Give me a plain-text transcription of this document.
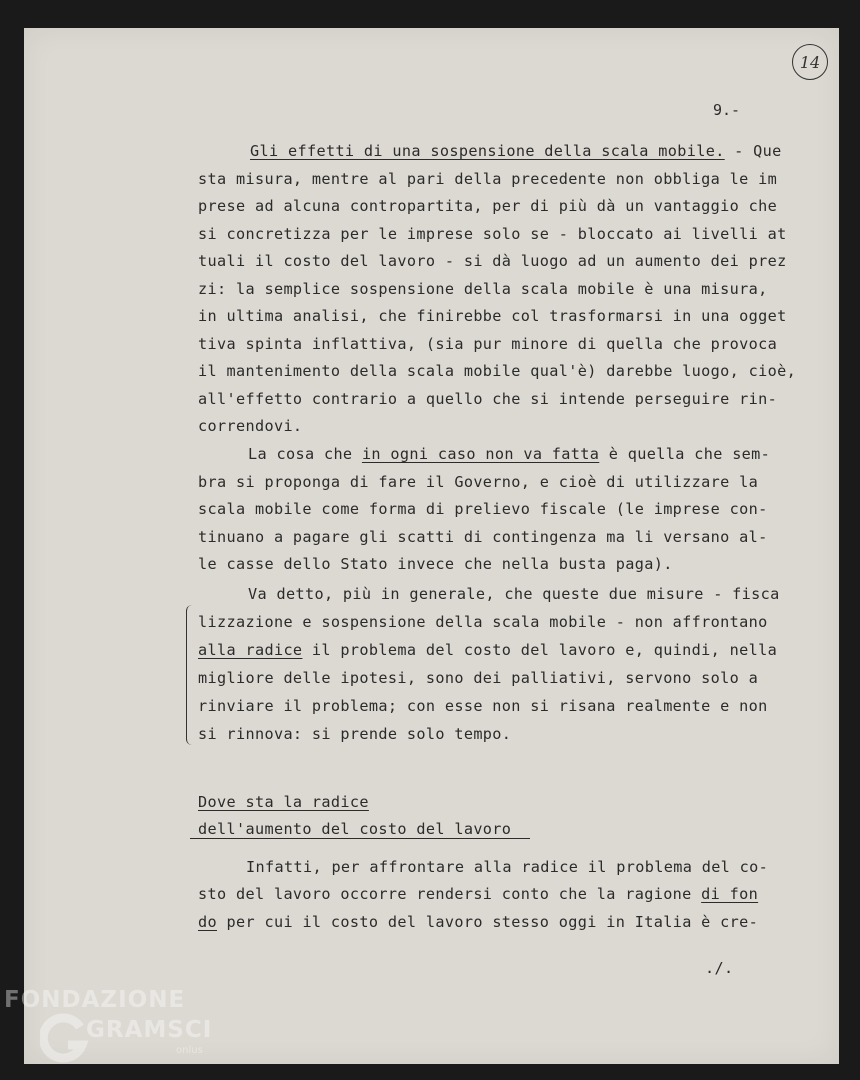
14
9.-
Gli effetti di una sospensione della scala mobile. - Que
sta misura, mentre al pari della precedente non obbliga le im
prese ad alcuna contropartita, per di più dà un vantaggio che
si concretizza per le imprese solo se - bloccato ai livelli at
tuali il costo del lavoro - si dà luogo ad un aumento dei prez
zi: la semplice sospensione della scala mobile è una misura,
in ultima analisi, che finirebbe col trasformarsi in una ogget
tiva spinta inflattiva, (sia pur minore di quella che provoca
il mantenimento della scala mobile qual'è) darebbe luogo, cioè,
all'effetto contrario a quello che si intende perseguire rin-
correndovi.
La cosa che in ogni caso non va fatta è quella che sem-
bra si proponga di fare il Governo, e cioè di utilizzare la
scala mobile come forma di prelievo fiscale (le imprese con-
tinuano a pagare gli scatti di contingenza ma li versano al-
le casse dello Stato invece che nella busta paga).
Va detto, più in generale, che queste due misure - fisca
lizzazione e sospensione della scala mobile - non affrontano
alla radice il problema del costo del lavoro e, quindi, nella
migliore delle ipotesi, sono dei palliativi, servono solo a
rinviare il problema; con esse non si risana realmente e non
si rinnova: si prende solo tempo.
Dove sta la radice
dell'aumento del costo del lavoro
Infatti, per affrontare alla radice il problema del co-
sto del lavoro occorre rendersi conto che la ragione di fon
do per cui il costo del lavoro stesso oggi in Italia è cre-
./.
FONDAZIONE
GRAMSCI
onlus
